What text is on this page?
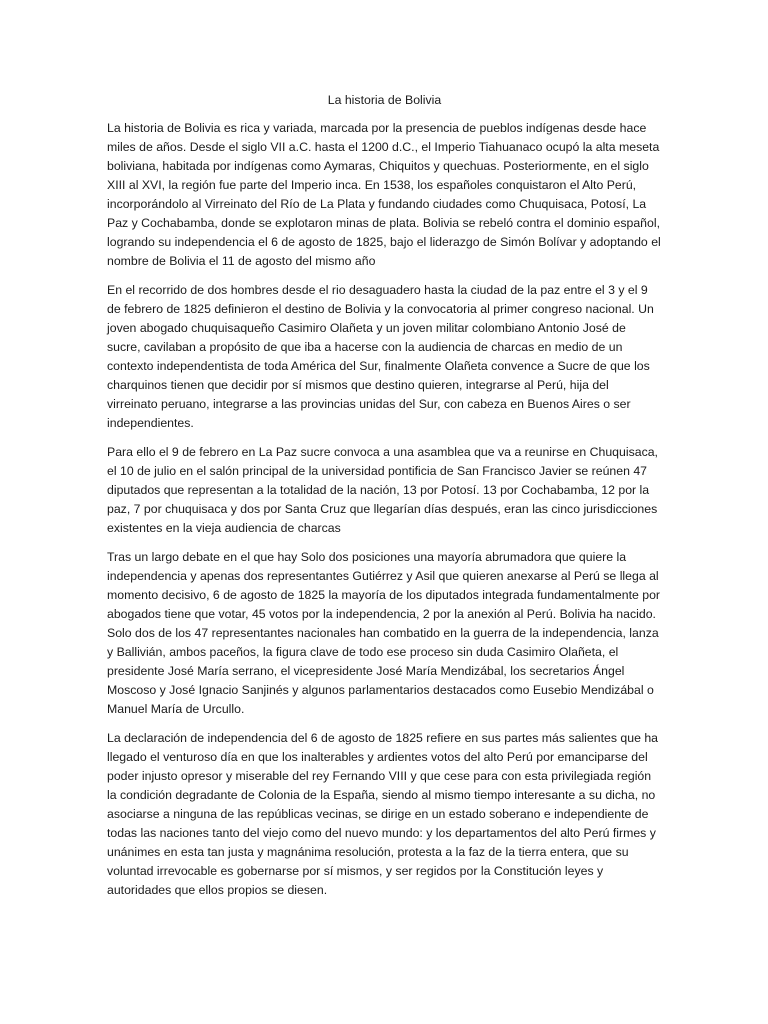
La historia de Bolivia

La historia de Bolivia es rica y variada, marcada por la presencia de pueblos indígenas desde hace miles de años. Desde el siglo VII a.C. hasta el 1200 d.C., el Imperio Tiahuanaco ocupó la alta meseta boliviana, habitada por indígenas como Aymaras, Chiquitos y quechuas. Posteriormente, en el siglo XIII al XVI, la región fue parte del Imperio inca. En 1538, los españoles conquistaron el Alto Perú, incorporándolo al Virreinato del Río de La Plata y fundando ciudades como Chuquisaca, Potosí, La Paz y Cochabamba, donde se explotaron minas de plata. Bolivia se rebeló contra el dominio español, logrando su independencia el 6 de agosto de 1825, bajo el liderazgo de Simón Bolívar y adoptando el nombre de Bolivia el 11 de agosto del mismo año

En el recorrido de dos hombres desde el rio desaguadero hasta la ciudad de la paz entre el 3 y el 9 de febrero de 1825 definieron el destino de Bolivia y la convocatoria al primer congreso nacional. Un joven abogado chuquisaqueño Casimiro Olañeta y un joven militar colombiano Antonio José de sucre, cavilaban a propósito de que iba a hacerse con la audiencia de charcas en medio de un contexto independentista de toda América del Sur, finalmente Olañeta convence a Sucre de que los charquinos tienen que decidir por sí mismos que destino quieren, integrarse al Perú, hija del virreinato peruano, integrarse a las provincias unidas del Sur, con cabeza en Buenos Aires o ser independientes.

Para ello el 9 de febrero en La Paz sucre convoca a una asamblea que va a reunirse en Chuquisaca, el 10 de julio en el salón principal de la universidad pontificia de San Francisco Javier se reúnen 47 diputados que representan a la totalidad de la nación, 13 por Potosí. 13 por Cochabamba, 12 por la paz, 7 por chuquisaca y dos por Santa Cruz que llegarían días después, eran las cinco jurisdicciones existentes en la vieja audiencia de charcas

Tras un largo debate en el que hay Solo dos posiciones una mayoría abrumadora que quiere la independencia y apenas dos representantes Gutiérrez y Asil que quieren anexarse al Perú se llega al momento decisivo, 6 de agosto de 1825 la mayoría de los diputados integrada fundamentalmente por abogados tiene que votar, 45 votos por la independencia, 2 por la anexión al Perú. Bolivia ha nacido. Solo dos de los 47 representantes nacionales han combatido en la guerra de la independencia, lanza y Ballivián, ambos paceños, la figura clave de todo ese proceso sin duda Casimiro Olañeta, el presidente José María serrano, el vicepresidente José María Mendizábal, los secretarios Ángel Moscoso y José Ignacio Sanjinés y algunos parlamentarios destacados como Eusebio Mendizábal o Manuel María de Urcullo.

La declaración de independencia del 6 de agosto de 1825 refiere en sus partes más salientes que ha llegado el venturoso día en que los inalterables y ardientes votos del alto Perú por emanciparse del poder injusto opresor y miserable del rey Fernando VIII y que cese para con esta privilegiada región la condición degradante de Colonia de la España, siendo al mismo tiempo interesante a su dicha, no asociarse a ninguna de las repúblicas vecinas, se dirige en un estado soberano e independiente de todas las naciones tanto del viejo como del nuevo mundo: y los departamentos del alto Perú firmes y unánimes en esta tan justa y magnánima resolución, protesta a la faz de la tierra entera, que su voluntad irrevocable es gobernarse por sí mismos, y ser regidos por la Constitución leyes y autoridades que ellos propios se diesen.
